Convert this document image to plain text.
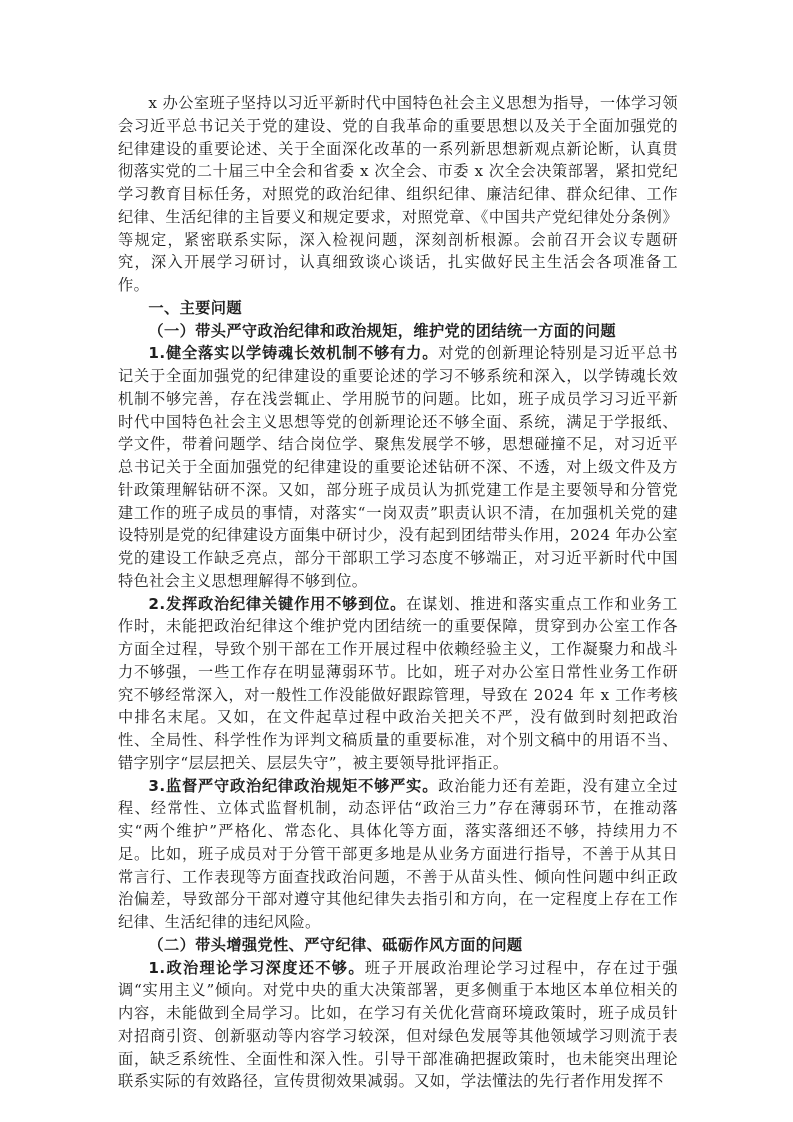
x 办公室班子坚持以习近平新时代中国特色社会主义思想为指导，一体学习领会习近平总书记关于党的建设、党的自我革命的重要思想以及关于全面加强党的纪律建设的重要论述、关于全面深化改革的一系列新思想新观点新论断，认真贯彻落实党的二十届三中全会和省委 x 次全会、市委 x 次全会决策部署，紧扣党纪学习教育目标任务，对照党的政治纪律、组织纪律、廉洁纪律、群众纪律、工作纪律、生活纪律的主旨要义和规定要求，对照党章、《中国共产党纪律处分条例》等规定，紧密联系实际，深入检视问题，深刻剖析根源。会前召开会议专题研究，深入开展学习研讨，认真细致谈心谈话，扎实做好民主生活会各项准备工作。

一、主要问题

（一）带头严守政治纪律和政治规矩，维护党的团结统一方面的问题

1.健全落实以学铸魂长效机制不够有力。对党的创新理论特别是习近平总书记关于全面加强党的纪律建设的重要论述的学习不够系统和深入，以学铸魂长效机制不够完善，存在浅尝辄止、学用脱节的问题。比如，班子成员学习习近平新时代中国特色社会主义思想等党的创新理论还不够全面、系统，满足于学报纸、学文件，带着问题学、结合岗位学、聚焦发展学不够，思想碰撞不足，对习近平总书记关于全面加强党的纪律建设的重要论述钻研不深、不透，对上级文件及方针政策理解钻研不深。又如，部分班子成员认为抓党建工作是主要领导和分管党建工作的班子成员的事情，对落实“一岗双责”职责认识不清，在加强机关党的建设特别是党的纪律建设方面集中研讨少，没有起到团结带头作用，2024 年办公室党的建设工作缺乏亮点，部分干部职工学习态度不够端正，对习近平新时代中国特色社会主义思想理解得不够到位。

2.发挥政治纪律关键作用不够到位。在谋划、推进和落实重点工作和业务工作时，未能把政治纪律这个维护党内团结统一的重要保障，贯穿到办公室工作各方面全过程，导致个别干部在工作开展过程中依赖经验主义，工作凝聚力和战斗力不够强，一些工作存在明显薄弱环节。比如，班子对办公室日常性业务工作研究不够经常深入，对一般性工作没能做好跟踪管理，导致在 2024 年 x 工作考核中排名末尾。又如，在文件起草过程中政治关把关不严，没有做到时刻把政治性、全局性、科学性作为评判文稿质量的重要标准，对个别文稿中的用语不当、错字别字“层层把关、层层失守”，被主要领导批评指正。

3.监督严守政治纪律政治规矩不够严实。政治能力还有差距，没有建立全过程、经常性、立体式监督机制，动态评估“政治三力”存在薄弱环节，在推动落实“两个维护”严格化、常态化、具体化等方面，落实落细还不够，持续用力不足。比如，班子成员对于分管干部更多地是从业务方面进行指导，不善于从其日常言行、工作表现等方面查找政治问题，不善于从苗头性、倾向性问题中纠正政治偏差，导致部分干部对遵守其他纪律失去指引和方向，在一定程度上存在工作纪律、生活纪律的违纪风险。

（二）带头增强党性、严守纪律、砥砺作风方面的问题

1.政治理论学习深度还不够。班子开展政治理论学习过程中，存在过于强调“实用主义”倾向。对党中央的重大决策部署，更多侧重于本地区本单位相关的内容，未能做到全局学习。比如，在学习有关优化营商环境政策时，班子成员针对招商引资、创新驱动等内容学习较深，但对绿色发展等其他领域学习则流于表面，缺乏系统性、全面性和深入性。引导干部准确把握政策时，也未能突出理论联系实际的有效路径，宣传贯彻效果减弱。又如，学法懂法的先行者作用发挥不
